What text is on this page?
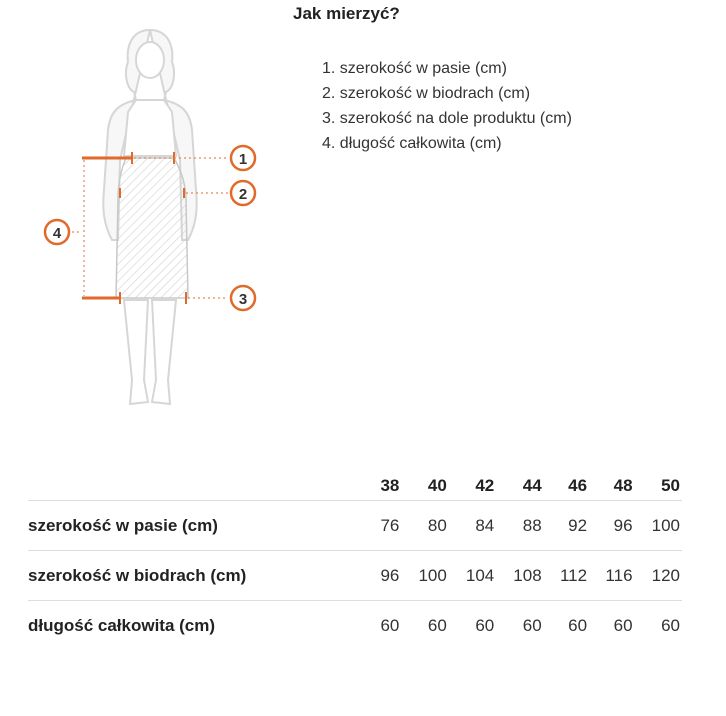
Jak mierzyć?
1. szerokość w pasie (cm)
2. szerokość w biodrach (cm)
3. szerokość na dole produktu (cm)
4. długość całkowita (cm)
1
2
3
4
	38	40	42	44	46	48	50
szerokość w pasie (cm)	76	80	84	88	92	96	100
szerokość w biodrach (cm)	96	100	104	108	112	116	120
długość całkowita (cm)	60	60	60	60	60	60	60
